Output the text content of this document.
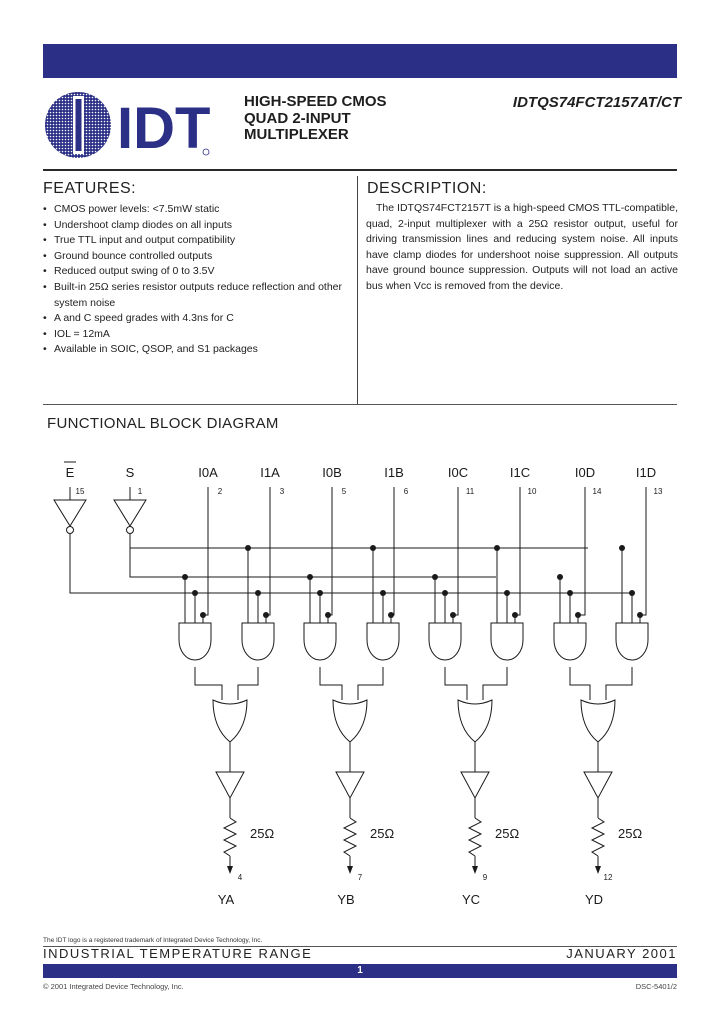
IDT HIGH-SPEED CMOS
QUAD 2-INPUT
MULTIPLEXER
IDTQS74FCT2157AT/CT
FEATURES:
• CMOS power levels: <7.5mW static
• Undershoot clamp diodes on all inputs
• True TTL input and output compatibility
• Ground bounce controlled outputs
• Reduced output swing of 0 to 3.5V
• Built-in 25Ω series resistor outputs reduce reflection and other system noise
• A and C speed grades with 4.3ns for C
• IOL = 12mA
• Available in SOIC, QSOP, and S1 packages
DESCRIPTION:

The IDTQS74FCT2157T is a high-speed CMOS TTL-compatible, quad, 2-input multiplexer with a 25Ω resistor output, useful for driving transmission lines and reducing system noise. All inputs have clamp diodes for undershoot noise suppression. All outputs have ground bounce suppression. Outputs will not load an active bus when Vcc is removed from the device.

FUNCTIONAL BLOCK DIAGRAM
E
15
S
1
I0A
2
I1A
3
I0B
5
I1B
6
I0C
11
I1C
10
I0D
14
I1D
13
25Ω
4
YA
25Ω
7
YB
25Ω
9
YC
25Ω
12
YD
The IDT logo is a registered trademark of Integrated Device Technology, Inc.
INDUSTRIAL TEMPERATURE RANGE	JANUARY 2001
1
© 2001 Integrated Device Technology, Inc.	DSC-5401/2
